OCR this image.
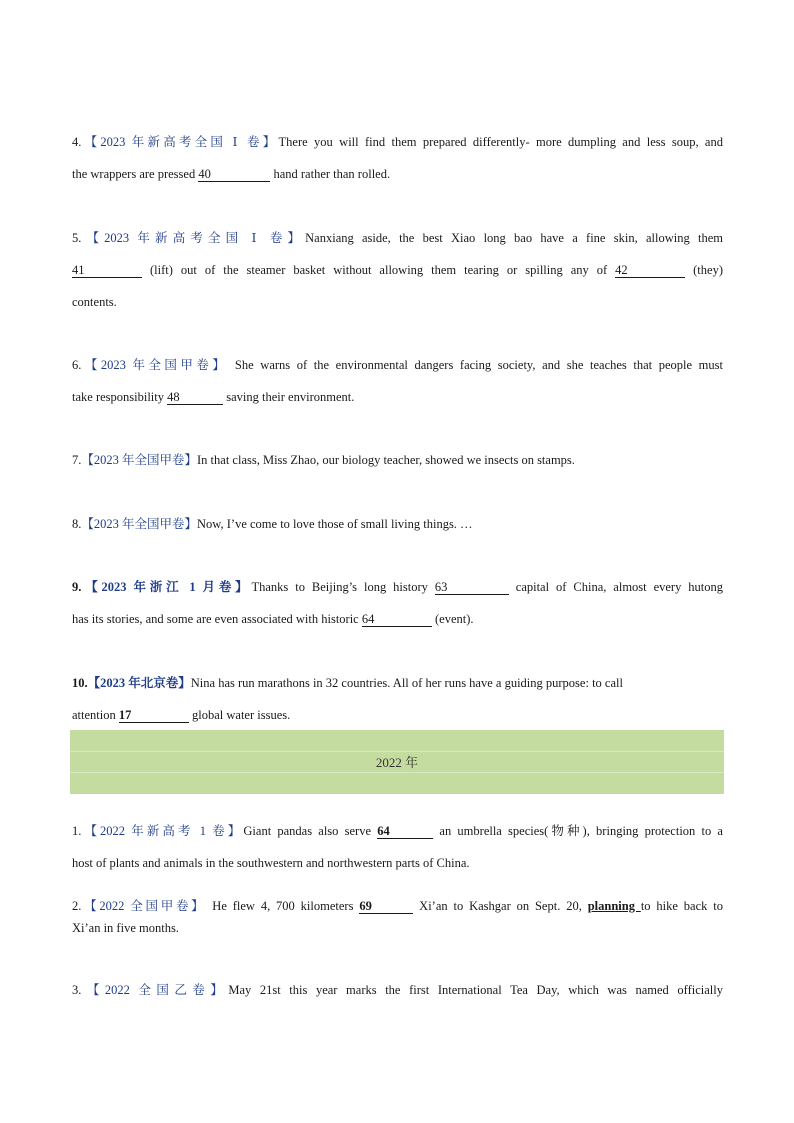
4.【2023 年新高考全国 Ⅰ 卷】There you will find them prepared differently- more dumpling and less soup, and
the wrappers are pressed 40	hand rather than rolled.
5.【2023 年新高考全国 Ⅰ 卷】Nanxiang aside, the best Xiao long bao have a fine skin, allowing them
41	(lift) out of the steamer basket without allowing them tearing or spilling any of 42	(they)
contents.
6.【2023 年全国甲卷】 She warns of the environmental dangers facing society, and she teaches that people must
take responsibility 48	saving their environment.
7.【2023 年全国甲卷】In that class, Miss Zhao, our biology teacher, showed we insects on stamps.
8.【2023 年全国甲卷】Now, I’ve come to love those of small living things. …
9.【2023 年浙江 1 月卷】Thanks to Beijing’s long history 63	capital of China, almost every hutong
has its stories, and some are even associated with historic 64	(event).
10.【2023 年北京卷】Nina has run marathons in 32 countries. All of her runs have a guiding purpose: to call
attention 17	global water issues.
2022 年
1.【2022 年新高考 1 卷】Giant pandas also serve 64	an umbrella species(物种), bringing protection to a
host of plants and animals in the southwestern and northwestern parts of China.
2.【2022 全国甲卷】 He flew 4, 700 kilometers 69	Xi’an to Kashgar on Sept. 20, planning to hike back to
Xi’an in five months.
3.【2022 全国乙卷】May 21st this year marks the first International Tea Day, which was named officially
